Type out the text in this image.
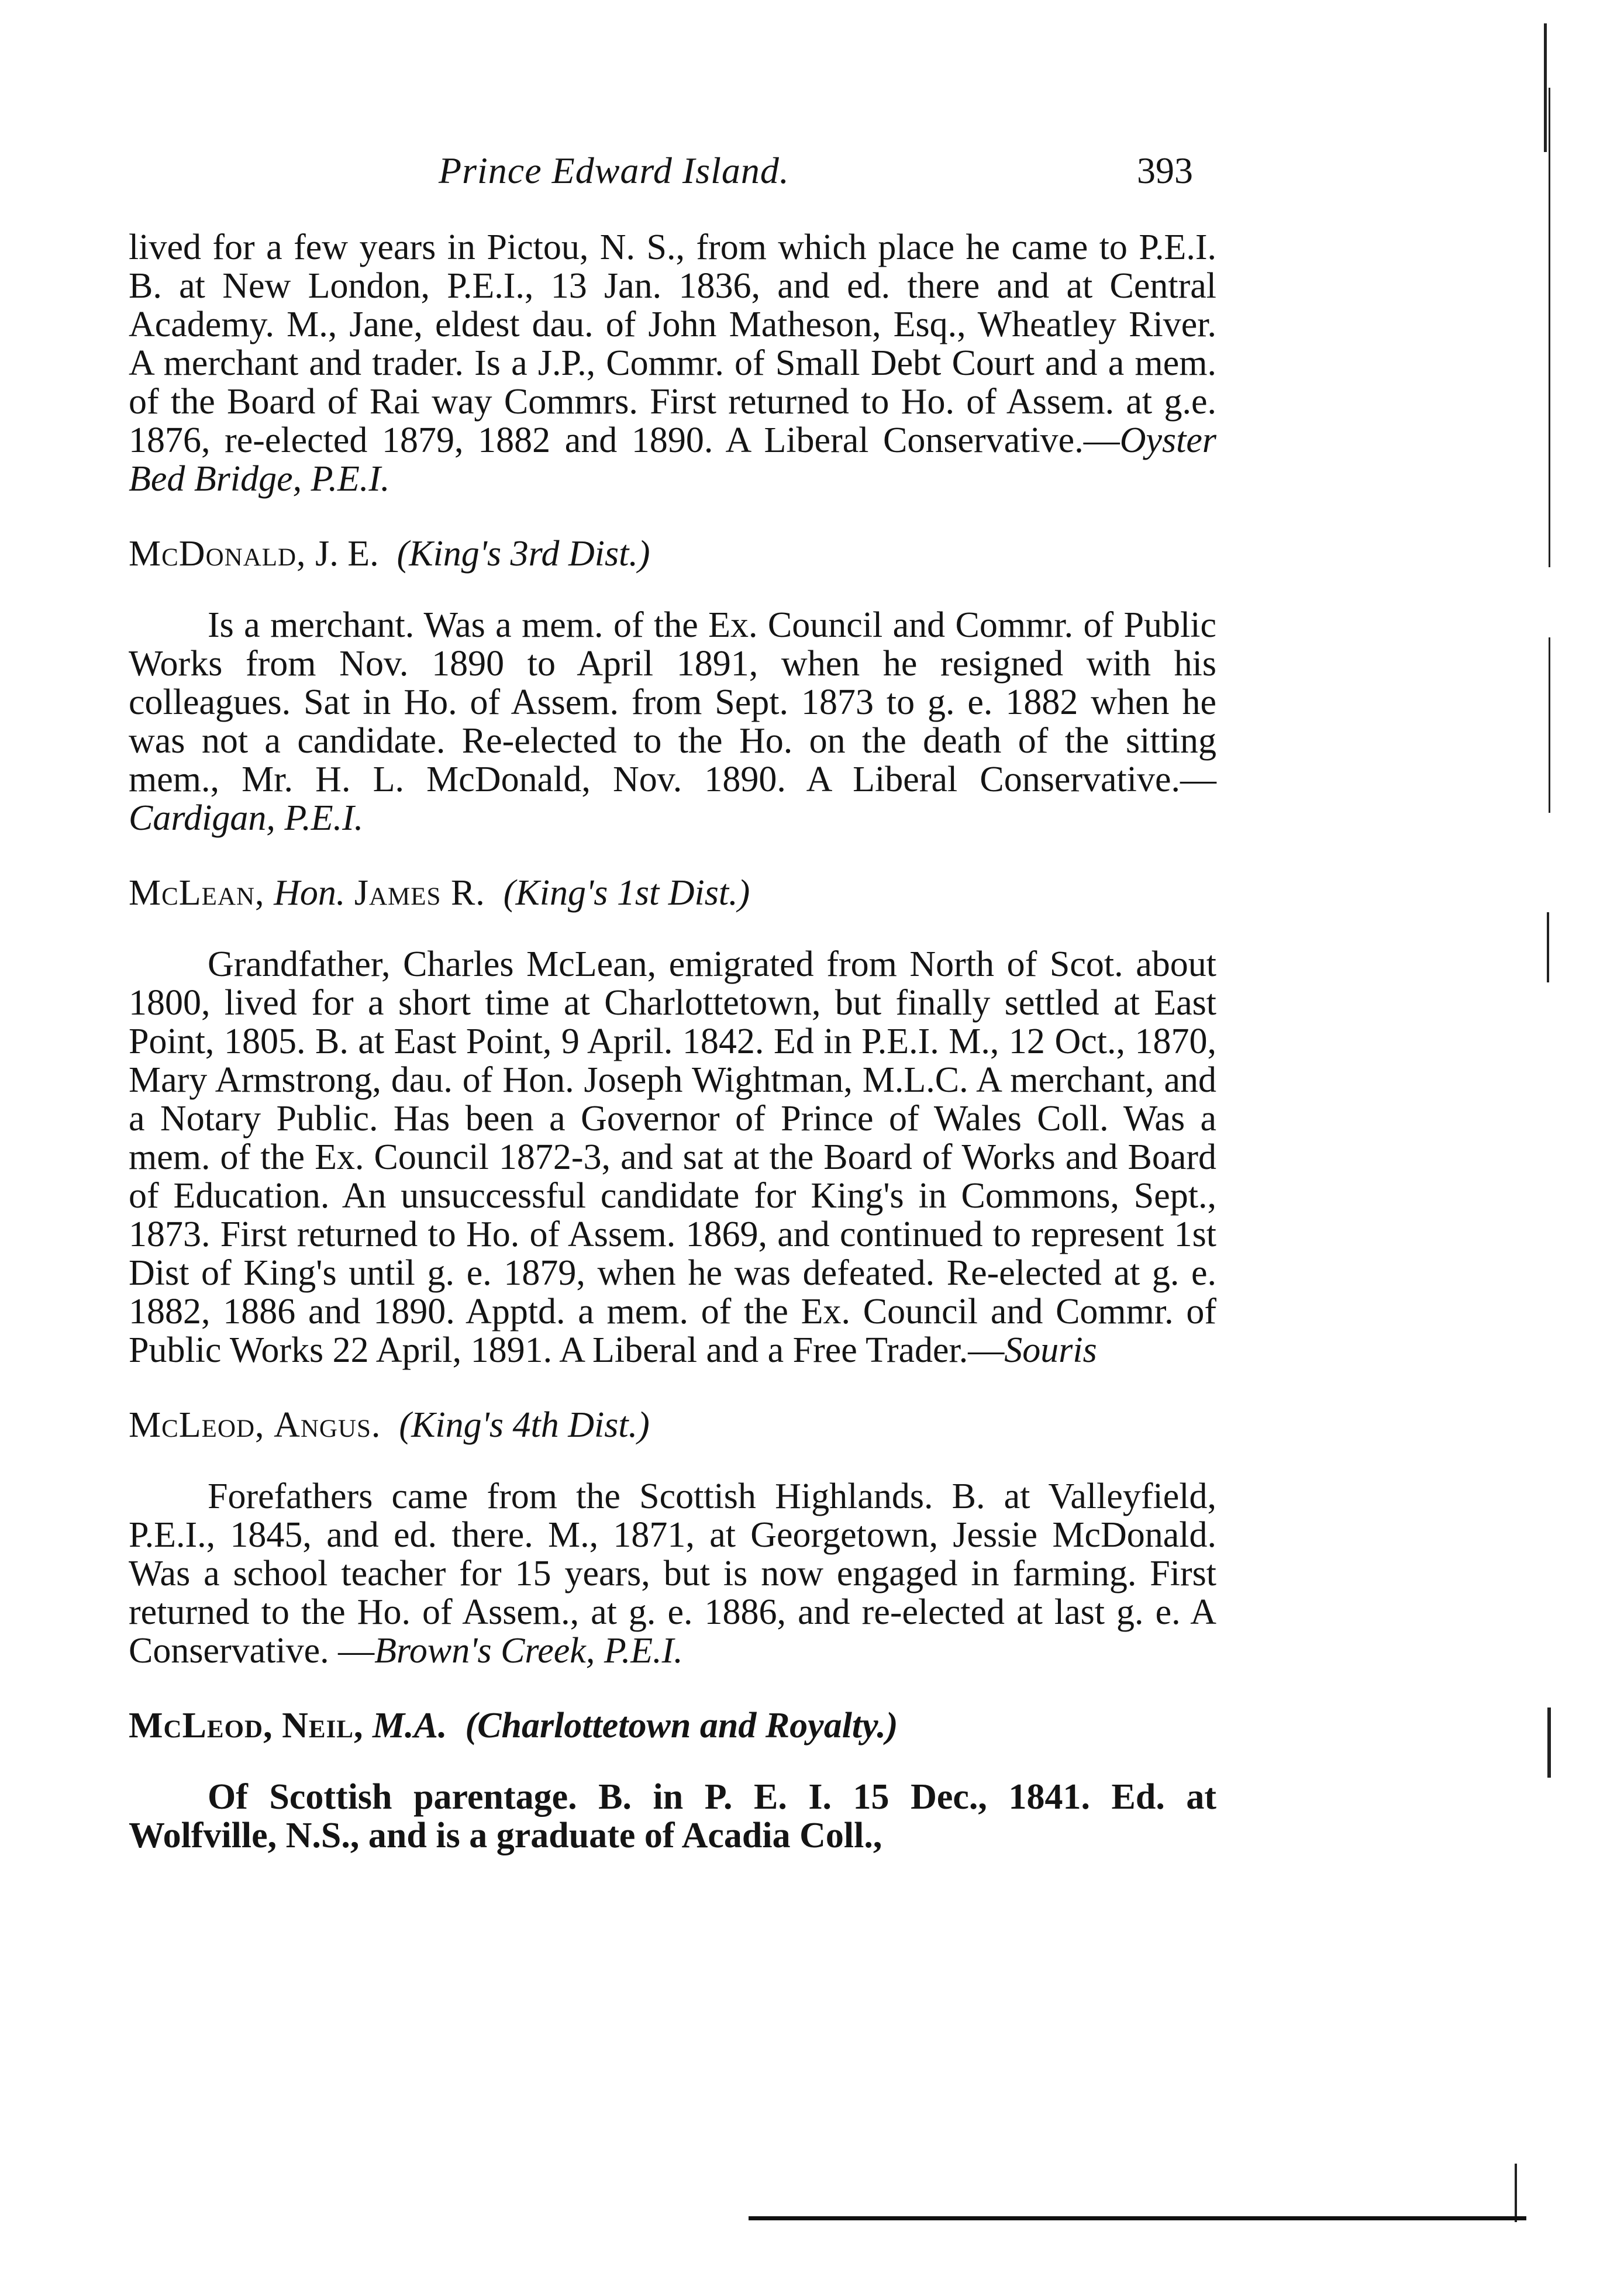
Prince Edward Island.	393

lived for a few years in Pictou, N. S., from which place he came to P.E.I. B. at New London, P.E.I., 13 Jan. 1836, and ed. there and at Central Academy. M., Jane, eldest dau. of John Matheson, Esq., Wheatley River. A merchant and trader. Is a J.P., Commr. of Small Debt Court and a mem. of the Board of Rai way Commrs. First returned to Ho. of Assem. at g.e. 1876, re-elected 1879, 1882 and 1890. A Liberal Conservative.—Oyster Bed Bridge, P.E.I.

McDonald, J. E. (King's 3rd Dist.)

Is a merchant. Was a mem. of the Ex. Council and Commr. of Public Works from Nov. 1890 to April 1891, when he resigned with his colleagues. Sat in Ho. of Assem. from Sept. 1873 to g. e. 1882 when he was not a candidate. Re-elected to the Ho. on the death of the sitting mem., Mr. H. L. McDonald, Nov. 1890. A Liberal Conservative.—Cardigan, P.E.I.

McLean, Hon. James R. (King's 1st Dist.)

Grandfather, Charles McLean, emigrated from North of Scot. about 1800, lived for a short time at Charlottetown, but finally settled at East Point, 1805. B. at East Point, 9 April. 1842. Ed in P.E.I. M., 12 Oct., 1870, Mary Armstrong, dau. of Hon. Joseph Wightman, M.L.C. A merchant, and a Notary Public. Has been a Governor of Prince of Wales Coll. Was a mem. of the Ex. Council 1872-3, and sat at the Board of Works and Board of Education. An unsuccessful candidate for King's in Commons, Sept., 1873. First returned to Ho. of Assem. 1869, and continued to represent 1st Dist of King's until g. e. 1879, when he was defeated. Re-elected at g. e. 1882, 1886 and 1890. Apptd. a mem. of the Ex. Council and Commr. of Public Works 22 April, 1891. A Liberal and a Free Trader.—Souris

McLeod, Angus. (King's 4th Dist.)

Forefathers came from the Scottish Highlands. B. at Valleyfield, P.E.I., 1845, and ed. there. M., 1871, at Georgetown, Jessie McDonald. Was a school teacher for 15 years, but is now engaged in farming. First returned to the Ho. of Assem., at g. e. 1886, and re-elected at last g. e. A Conservative. —Brown's Creek, P.E.I.

McLeod, Neil, M.A. (Charlottetown and Royalty.)

Of Scottish parentage. B. in P. E. I. 15 Dec., 1841. Ed. at Wolfville, N.S., and is a graduate of Acadia Coll.,
